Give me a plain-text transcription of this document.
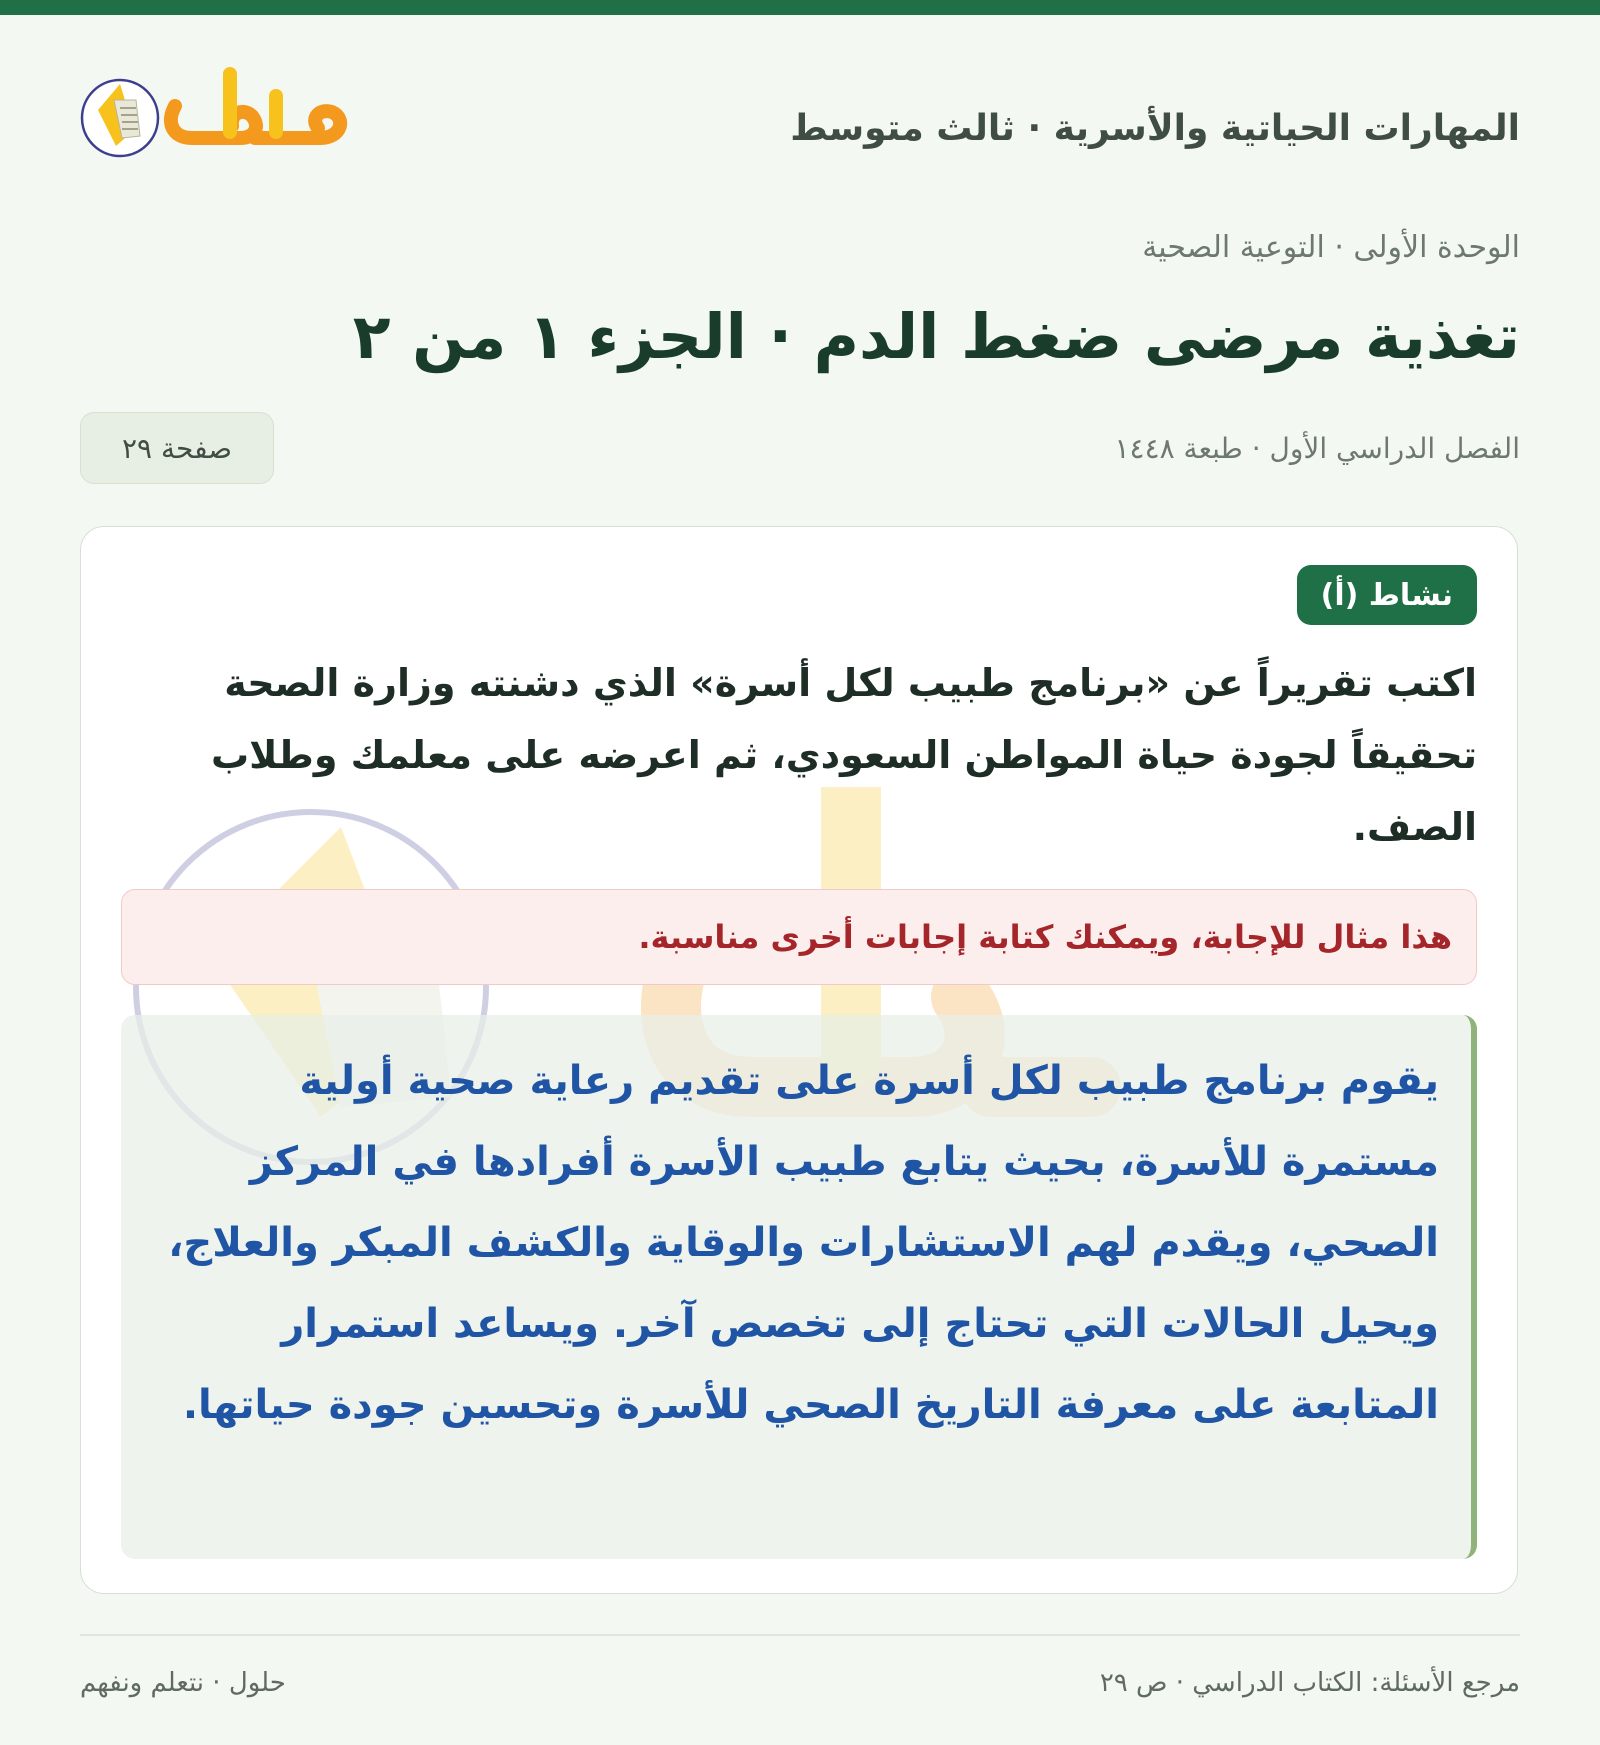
المهارات الحياتية والأسرية · ثالث متوسط
الوحدة الأولى · التوعية الصحية
تغذية مرضى ضغط الدم · الجزء ١ من ٢
الفصل الدراسي الأول · طبعة ١٤٤٨
صفحة ٢٩
نشاط (أ)
اكتب تقريراً عن «برنامج طبيب لكل أسرة» الذي دشنته وزارة الصحة تحقيقاً لجودة حياة المواطن السعودي، ثم اعرضه على معلمك وطلاب الصف.
هذا مثال للإجابة، ويمكنك كتابة إجابات أخرى مناسبة.
يقوم برنامج طبيب لكل أسرة على تقديم رعاية صحية أولية مستمرة للأسرة، بحيث يتابع طبيب الأسرة أفرادها في المركز الصحي، ويقدم لهم الاستشارات والوقاية والكشف المبكر والعلاج، ويحيل الحالات التي تحتاج إلى تخصص آخر. ويساعد استمرار المتابعة على معرفة التاريخ الصحي للأسرة وتحسين جودة حياتها.
مرجع الأسئلة: الكتاب الدراسي · ص ٢٩
حلول · نتعلم ونفهم
